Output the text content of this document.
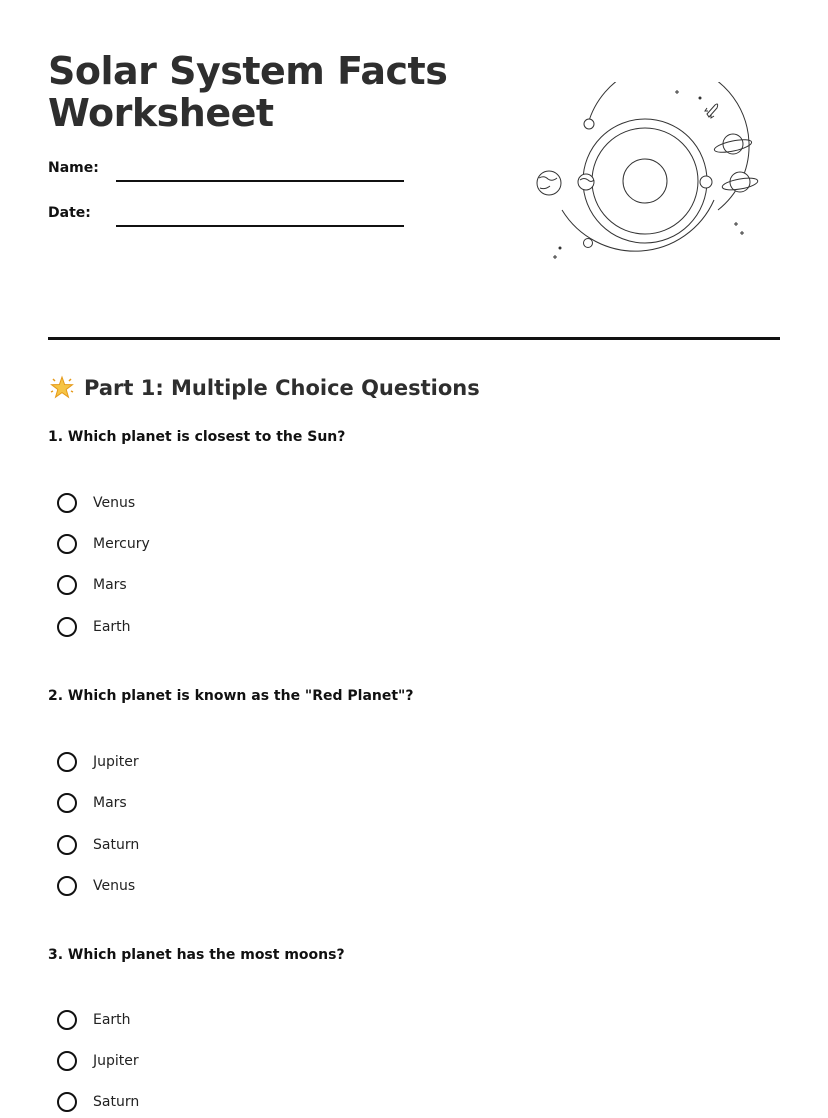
Solar System Facts
Worksheet
Name:
Date:
Part 1: Multiple Choice Questions

1. Which planet is closest to the Sun?

Venus
Mercury
Mars
Earth

2. Which planet is known as the "Red Planet"?

Jupiter
Mars
Saturn
Venus

3. Which planet has the most moons?

Earth
Jupiter
Saturn
